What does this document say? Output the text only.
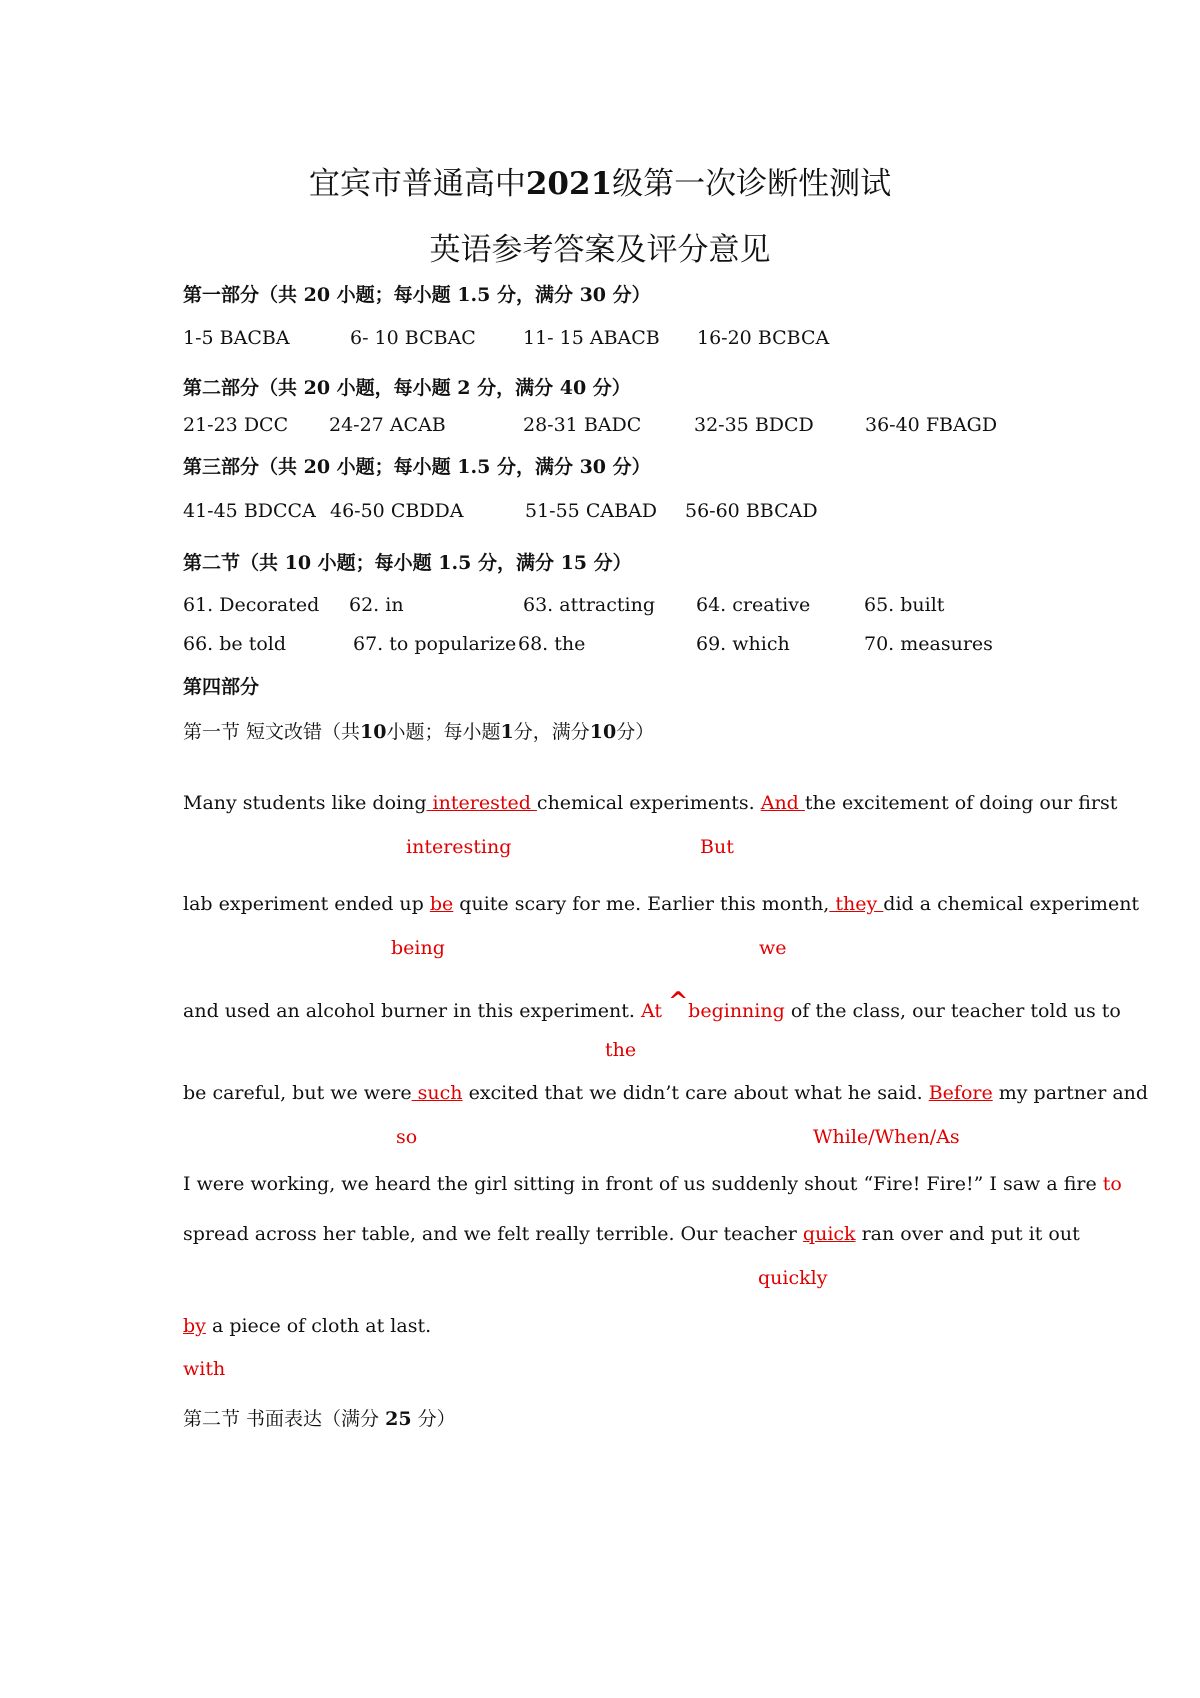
宜宾市普通高中2021级第一次诊断性测试
英语参考答案及评分意见
第一部分（共 20 小题；每小题 1.5 分，满分 30 分）
1-5 BACBA	6- 10 BCBAC 11- 15 ABACB 16-20 BCBCA
第二部分（共 20 小题，每小题 2 分，满分 40 分）
21-23 DCC 24-27 ACAB	28-31 BADC	32-35 BDCD	36-40 FBAGD
第三部分（共 20 小题；每小题 1.5 分，满分 30 分）
41-45 BDCCA 46-50 CBDDA	51-55 CABAD 56-60 BBCAD
第二节（共 10 小题；每小题 1.5 分，满分 15 分）
61. Decorated 62. in	63. attracting 64. creative	65. built
66. be told	67. to popularize 68. the	69. which	70. measures
第四部分
第一节 短文改错（共10小题；每小题1分，满分10分）
Many students like doing interested chemical experiments. And the excitement of doing our first
interesting	But
lab experiment ended up be quite scary for me. Earlier this month, they did a chemical experiment
being	we
and used an alcohol burner in this experiment. At ^beginning of the class, our teacher told us to
the
be careful, but we were such excited that we didn’t care about what he said. Before my partner and
so	While/When/As
I were working, we heard the girl sitting in front of us suddenly shout “Fire! Fire!” I saw a fire to
spread across her table, and we felt really terrible. Our teacher quick ran over and put it out
quickly
by a piece of cloth at last.
with
第二节 书面表达（满分 25 分）
